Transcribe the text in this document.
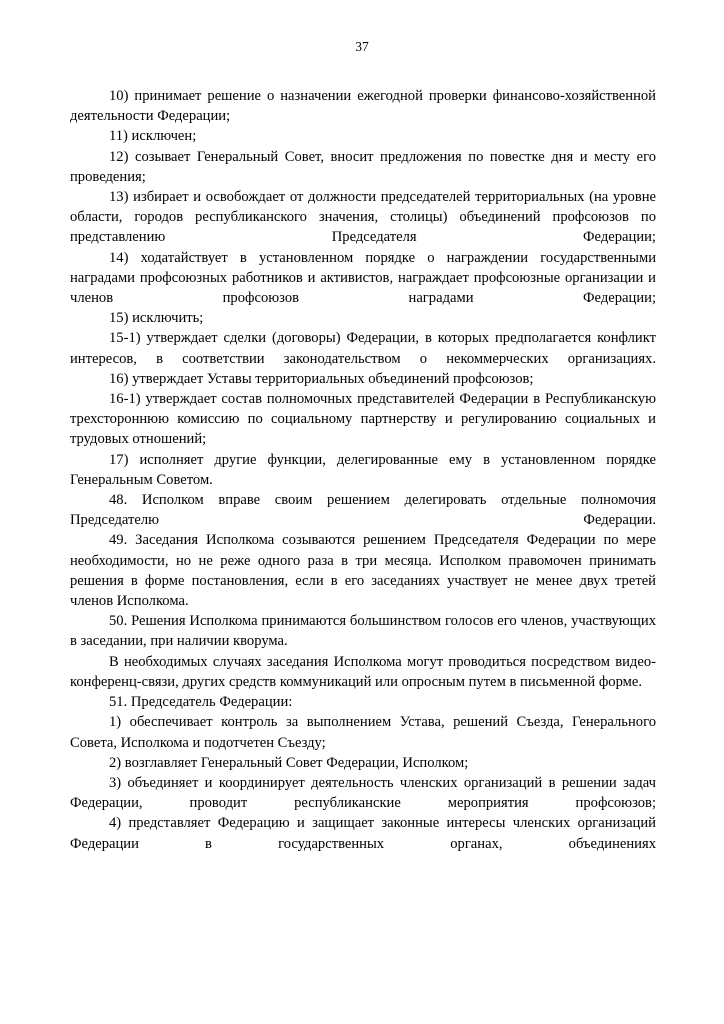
37

10) принимает решение о назначении ежегодной проверки финансово-хозяйственной деятельности Федерации;

11) исключен;

12) созывает Генеральный Совет, вносит предложения по повестке дня и месту его проведения;

13) избирает и освобождает от должности председателей территориальных (на уровне области, городов республиканского значения, столицы) объединений профсоюзов по представлению Председателя Федерации;

14) ходатайствует в установленном порядке о награждении государственными наградами профсоюзных работников и активистов, награждает профсоюзные организации и членов профсоюзов наградами Федерации;

15) исключить;

15-1) утверждает сделки (договоры) Федерации, в которых предполагается конфликт интересов, в соответствии законодательством о некоммерческих организациях.

16) утверждает Уставы территориальных объединений профсоюзов;

16-1) утверждает состав полномочных представителей Федерации в Республиканскую трехстороннюю комиссию по социальному партнерству и регулированию социальных и трудовых отношений;

17) исполняет другие функции, делегированные ему в установленном порядке Генеральным Советом.

48. Исполком вправе своим решением делегировать отдельные полномочия Председателю Федерации.

49. Заседания Исполкома созываются решением Председателя Федерации по мере необходимости, но не реже одного раза в три месяца. Исполком правомочен принимать решения в форме постановления, если в его заседаниях участвует не менее двух третей членов Исполкома.

50. Решения Исполкома принимаются большинством голосов его членов, участвующих в заседании, при наличии кворума.

В необходимых случаях заседания Исполкома могут проводиться посредством видео-конференц-связи, других средств коммуникаций или опросным путем в письменной форме.

51. Председатель Федерации:

1) обеспечивает контроль за выполнением Устава, решений Съезда, Генерального Совета, Исполкома и подотчетен Съезду;

2) возглавляет Генеральный Совет Федерации, Исполком;

3) объединяет и координирует деятельность членских организаций в решении задач Федерации, проводит республиканские мероприятия профсоюзов;

4) представляет Федерацию и защищает законные интересы членских организаций Федерации в государственных органах, объединениях
